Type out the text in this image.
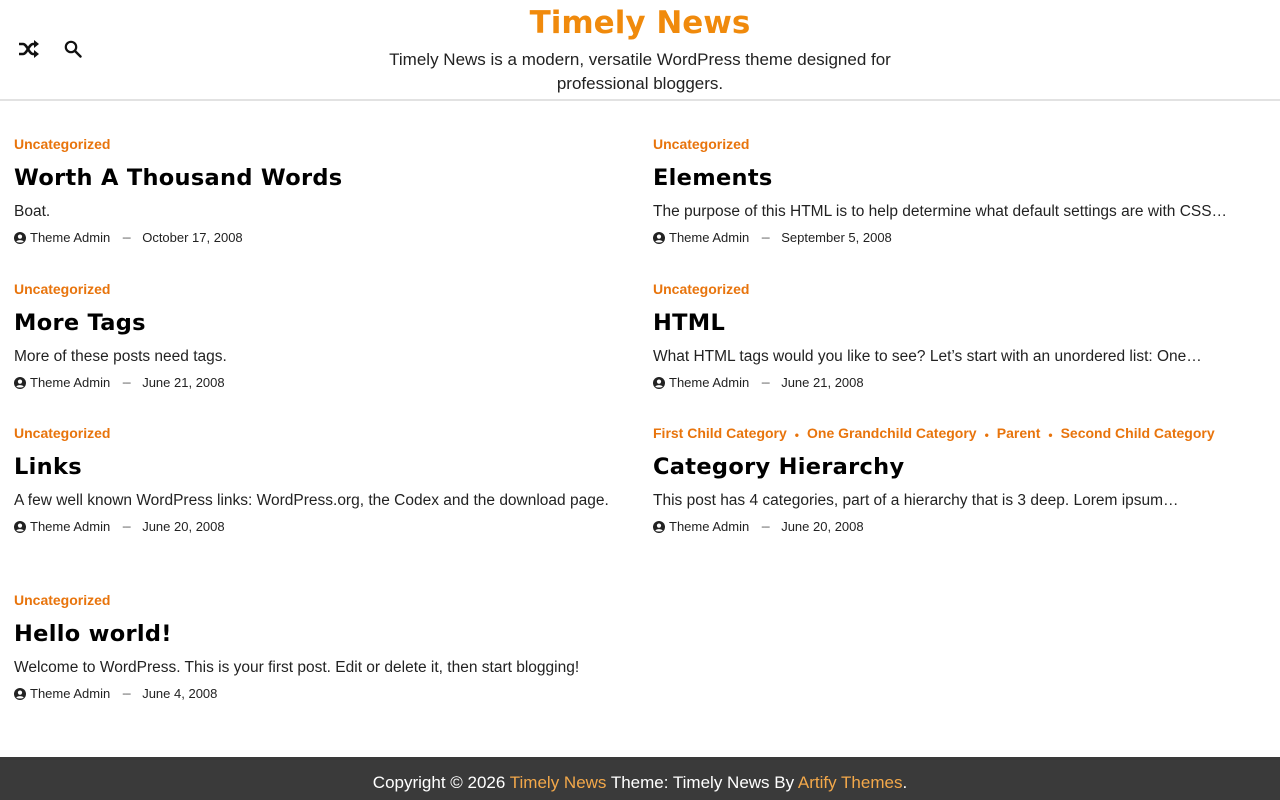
Timely News

Timely News is a modern, versatile WordPress theme designed for professional bloggers.

Uncategorized
Worth A Thousand Words

Boat.

Theme Admin --- October 17, 2008
Uncategorized
More Tags

More of these posts need tags.

Theme Admin --- June 21, 2008
Uncategorized
Links

A few well known WordPress links: WordPress.org, the Codex and the download page.

Theme Admin --- June 20, 2008
Uncategorized
Hello world!

Welcome to WordPress. This is your first post. Edit or delete it, then start blogging!

Theme Admin --- June 4, 2008
Uncategorized
Elements

The purpose of this HTML is to help determine what default settings are with CSS…

Theme Admin --- September 5, 2008
Uncategorized
HTML

What HTML tags would you like to see? Let’s start with an unordered list: One…

Theme Admin --- June 21, 2008
First Child Category • One Grandchild Category • Parent • Second Child Category
Category Hierarchy

This post has 4 categories, part of a hierarchy that is 3 deep. Lorem ipsum…

Theme Admin --- June 20, 2008
Copyright © 2026 Timely News Theme: Timely News By Artify Themes.
